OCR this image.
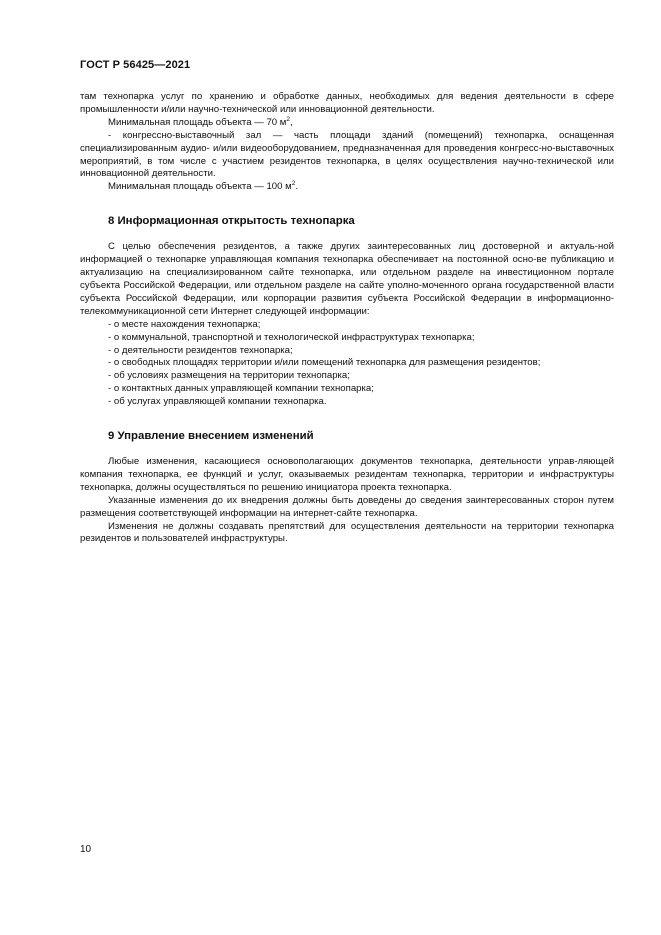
ГОСТ Р 56425—2021

там технопарка услуг по хранению и обработке данных, необходимых для ведения деятельности в сфере промышленности и/или научно-технической или инновационной деятельности.

Минимальная площадь объекта — 70 $м^2$,

- конгрессно-выставочный зал — часть площади зданий (помещений) технопарка, оснащенная специализированным аудио- и/или видеооборудованием, предназначенная для проведения конгресс-но-выставочных мероприятий, в том числе с участием резидентов технопарка, в целях осуществления научно-технической или инновационной деятельности.

Минимальная площадь объекта — 100 $м^2$.

8 Информационная открытость технопарка

С целью обеспечения резидентов, а также других заинтересованных лиц достоверной и актуаль-ной информацией о технопарке управляющая компания технопарка обеспечивает на постоянной осно-ве публикацию и актуализацию на специализированном сайте технопарка, или отдельном разделе на инвестиционном портале субъекта Российской Федерации, или отдельном разделе на сайте уполно-моченного органа государственной власти субъекта Российской Федерации, или корпорации развития субъекта Российской Федерации в информационно-телекоммуникационной сети Интернет следующей информации:

- о месте нахождения технопарка;
- о коммунальной, транспортной и технологической инфраструктурах технопарка;
- о деятельности резидентов технопарка;
- о свободных площадях территории и/или помещений технопарка для размещения резидентов;
- об условиях размещения на территории технопарка;
- о контактных данных управляющей компании технопарка;
- об услугах управляющей компании технопарка.
9 Управление внесением изменений

Любые изменения, касающиеся основополагающих документов технопарка, деятельности управ-ляющей компания технопарка, ее функций и услуг, оказываемых резидентам технопарка, территории и инфраструктуры технопарка, должны осуществляться по решению инициатора проекта технопарка.

Указанные изменения до их внедрения должны быть доведены до сведения заинтересованных сторон путем размещения соответствующей информации на интернет-сайте технопарка.

Изменения не должны создавать препятствий для осуществления деятельности на территории технопарка резидентов и пользователей инфраструктуры.

10
